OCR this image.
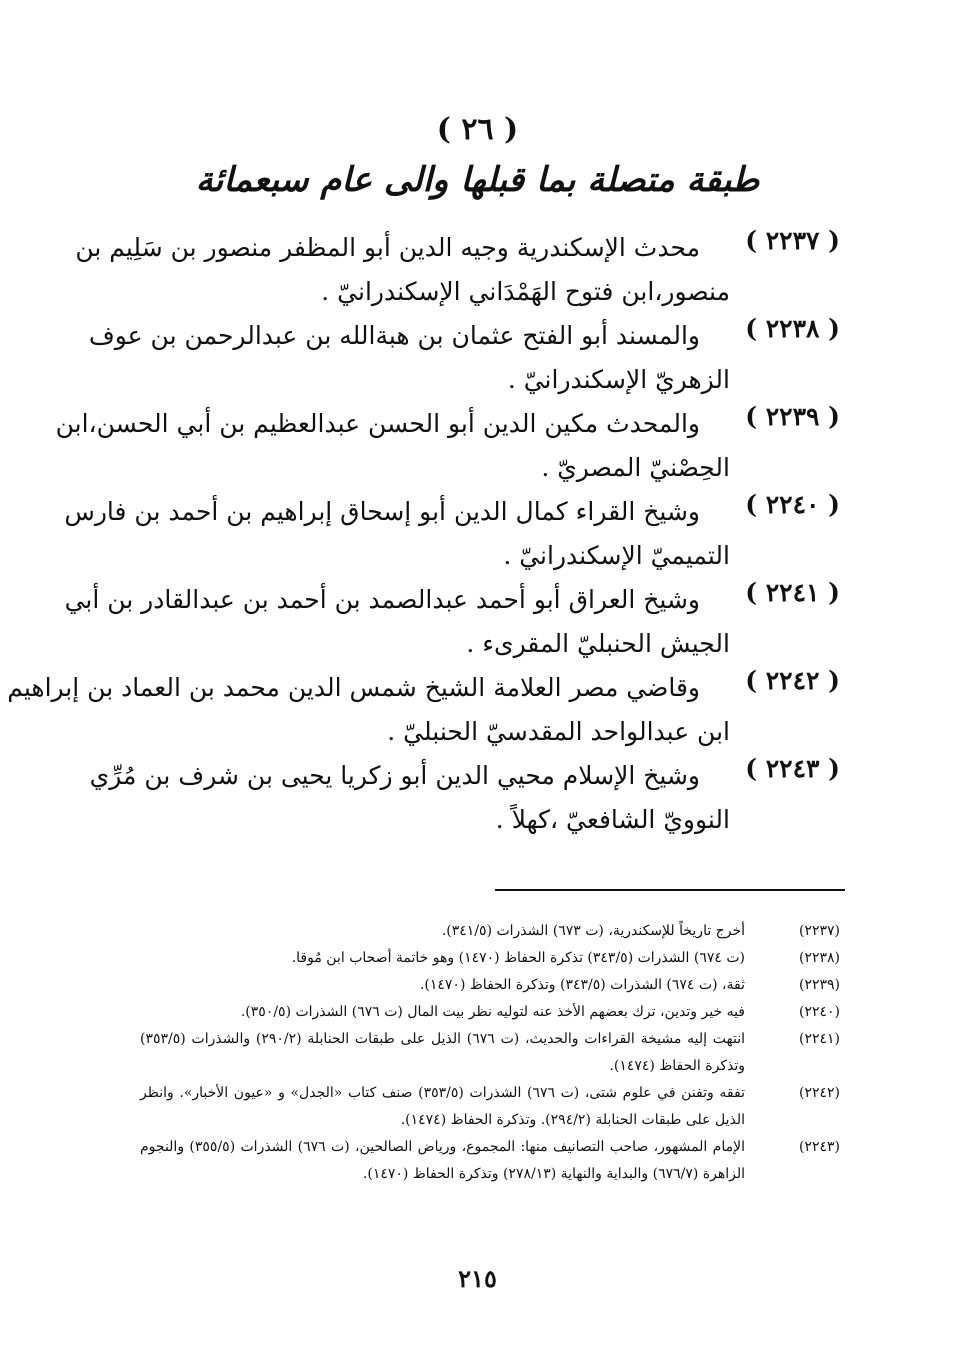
( ٢٦ )
طبقة متصلة بما قبلها والى عام سبعمائة
( ٢٢٣٧ )
محدث الإسكندرية وجيه الدين أبو المظفر منصور بن سَلِيم بن
منصور،ابن فتوح الهَمْدَاني الإسكندرانيّ .
( ٢٢٣٨ )
والمسند أبو الفتح عثمان بن هبةالله بن عبدالرحمن بن عوف
الزهريّ الإسكندرانيّ .
( ٢٢٣٩ )
والمحدث مكين الدين أبو الحسن عبدالعظيم بن أبي الحسن،ابن
الحِصْنيّ المصريّ .
( ٢٢٤٠ )
وشيخ القراء كمال الدين أبو إسحاق إبراهيم بن أحمد بن فارس
التميميّ الإسكندرانيّ .
( ٢٢٤١ )
وشيخ العراق أبو أحمد عبدالصمد بن أحمد بن عبدالقادر بن أبي
الجيش الحنبليّ المقرىء .
( ٢٢٤٢ )
وقاضي مصر العلامة الشيخ شمس الدين محمد بن العماد بن إبراهيم
ابن عبدالواحد المقدسيّ الحنبليّ .
( ٢٢٤٣ )
وشيخ الإسلام محيي الدين أبو زكريا يحيى بن شرف بن مُرِّي
النوويّ الشافعيّ ،كهلاً .
(٢٢٣٧)
أخرج تاريخاً للإسكندرية، (ت ٦٧٣) الشذرات (٣٤١/٥).
(٢٢٣٨)
(ت ٦٧٤) الشذرات (٣٤٣/٥) تذكرة الحفاظ (١٤٧٠) وهو خاتمة أصحاب ابن مُوقا.
(٢٢٣٩)
ثقة، (ت ٦٧٤) الشذرات (٣٤٣/٥) وتذكرة الحفاظ (١٤٧٠).
(٢٢٤٠)
فيه خير وتدين، ترك بعضهم الأخذ عنه لتوليه نظر بيت المال (ت ٦٧٦) الشذرات (٣٥٠/٥).
(٢٢٤١)
انتهت إليه مشيخة القراءات والحديث، (ت ٦٧٦) الذيل على طبقات الحنابلة (٢٩٠/٢) والشذرات (٣٥٣/٥) وتذكرة الحفاظ (١٤٧٤).
(٢٢٤٢)
تفقه وتفنن في علوم شتى، (ت ٦٧٦) الشذرات (٣٥٣/٥) صنف كتاب «الجدل» و «عيون الأخبار». وانظر الذيل على طبقات الحنابلة (٢٩٤/٢). وتذكرة الحفاظ (١٤٧٤).
(٢٢٤٣)
الإمام المشهور، صاحب التصانيف منها: المجموع، ورياض الصالحين، (ت ٦٧٦) الشذرات (٣٥٥/٥) والنجوم الزاهرة (٦٧٦/٧) والبداية والنهاية (٢٧٨/١٣) وتذكرة الحفاظ (١٤٧٠).
٢١٥
